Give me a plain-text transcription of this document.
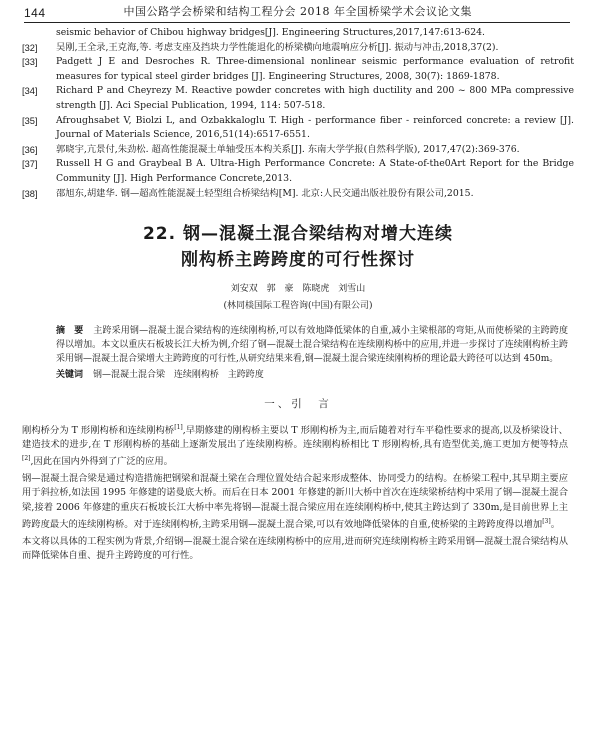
144	中国公路学会桥梁和结构工程分会 2018 年全国桥梁学术会议论文集
seismic behavior of Chibou highway bridges[J]. Engineering Structures,2017,147:613-624.
[32]	吴刚,王全录,王克海,等. 考虑支座及挡块力学性能退化的桥梁横向地震响应分析[J]. 振动与冲击,2018,37(2).
[33]	Padgett J E and Desroches R. Three-dimensional nonlinear seismic performance evaluation of retrofit measures for typical steel girder bridges [J]. Engineering Structures, 2008, 30(7): 1869-1878.
[34]	Richard P and Cheyrezy M. Reactive powder concretes with high ductility and 200 ~ 800 MPa compressive strength [J]. Aci Special Publication, 1994, 114: 507-518.
[35]	Afroughsabet V, Biolzi L, and Ozbakkaloglu T. High - performance fiber - reinforced concrete: a review [J]. Journal of Materials Science, 2016,51(14):6517-6551.
[36]	郭晓宇,亢景付,朱劲松. 超高性能混凝土单轴受压本构关系[J]. 东南大学学报(自然科学版), 2017,47(2):369-376.
[37]	Russell H G and Graybeal B A. Ultra-High Performance Concrete: A State-of-the0Art Report for the Bridge Community [J]. High Performance Concrete,2013.
[38]	邵旭东,胡建华. 钢—超高性能混凝土轻型组合桥梁结构[M]. 北京:人民交通出版社股份有限公司,2015.
22. 钢—混凝土混合梁结构对增大连续
刚构桥主跨跨度的可行性探讨
刘安双 郭 豪 陈晓虎 刘雪山
(林同棪国际工程咨询(中国)有限公司)
摘　要 主跨采用钢—混凝土混合梁结构的连续刚构桥,可以有效地降低梁体的自重,减小主梁根部的弯矩,从而使桥梁的主跨跨度得以增加。本文以重庆石板坡长江大桥为例,介绍了钢—混凝土混合梁结构在连续刚构桥中的应用,并进一步探讨了连续刚构桥主跨采用钢—混凝土混合梁增大主跨跨度的可行性,从研究结果来看,钢—混凝土混合梁连续刚构桥的理论最大跨径可以达到 450m。
关键词 钢—混凝土混合梁 连续刚构桥 主跨跨度
一、引　言

刚构桥分为 T 形刚构桥和连续刚构桥[1],早期修建的刚构桥主要以 T 形刚构桥为主,而后随着对行车平稳性要求的提高,以及桥梁设计、建造技术的进步,在 T 形刚构桥的基础上逐渐发展出了连续刚构桥。连续刚构桥相比 T 形刚构桥,具有造型优美,施工更加方便等特点[2],因此在国内外得到了广泛的应用。

钢—混凝土混合梁是通过构造措施把钢梁和混凝土梁在合理位置处结合起来形成整体、协同受力的结构。在桥梁工程中,其早期主要应用于斜拉桥,如法国 1995 年修建的诺曼底大桥。而后在日本 2001 年修建的新川大桥中首次在连续梁桥结构中采用了钢—混凝土混合梁,接着 2006 年修建的重庆石板坡长江大桥中率先将钢—混凝土混合梁应用在连续刚构桥中,使其主跨达到了 330m,是目前世界上主跨跨度最大的连续刚构桥。对于连续刚构桥,主跨采用钢—混凝土混合梁,可以有效地降低梁体的自重,使桥梁的主跨跨度得以增加[3]。

本文将以具体的工程实例为背景,介绍钢—混凝土混合梁在连续刚构桥中的应用,进而研究连续刚构桥主跨采用钢—混凝土混合梁结构从而降低梁体自重、提升主跨跨度的可行性。
